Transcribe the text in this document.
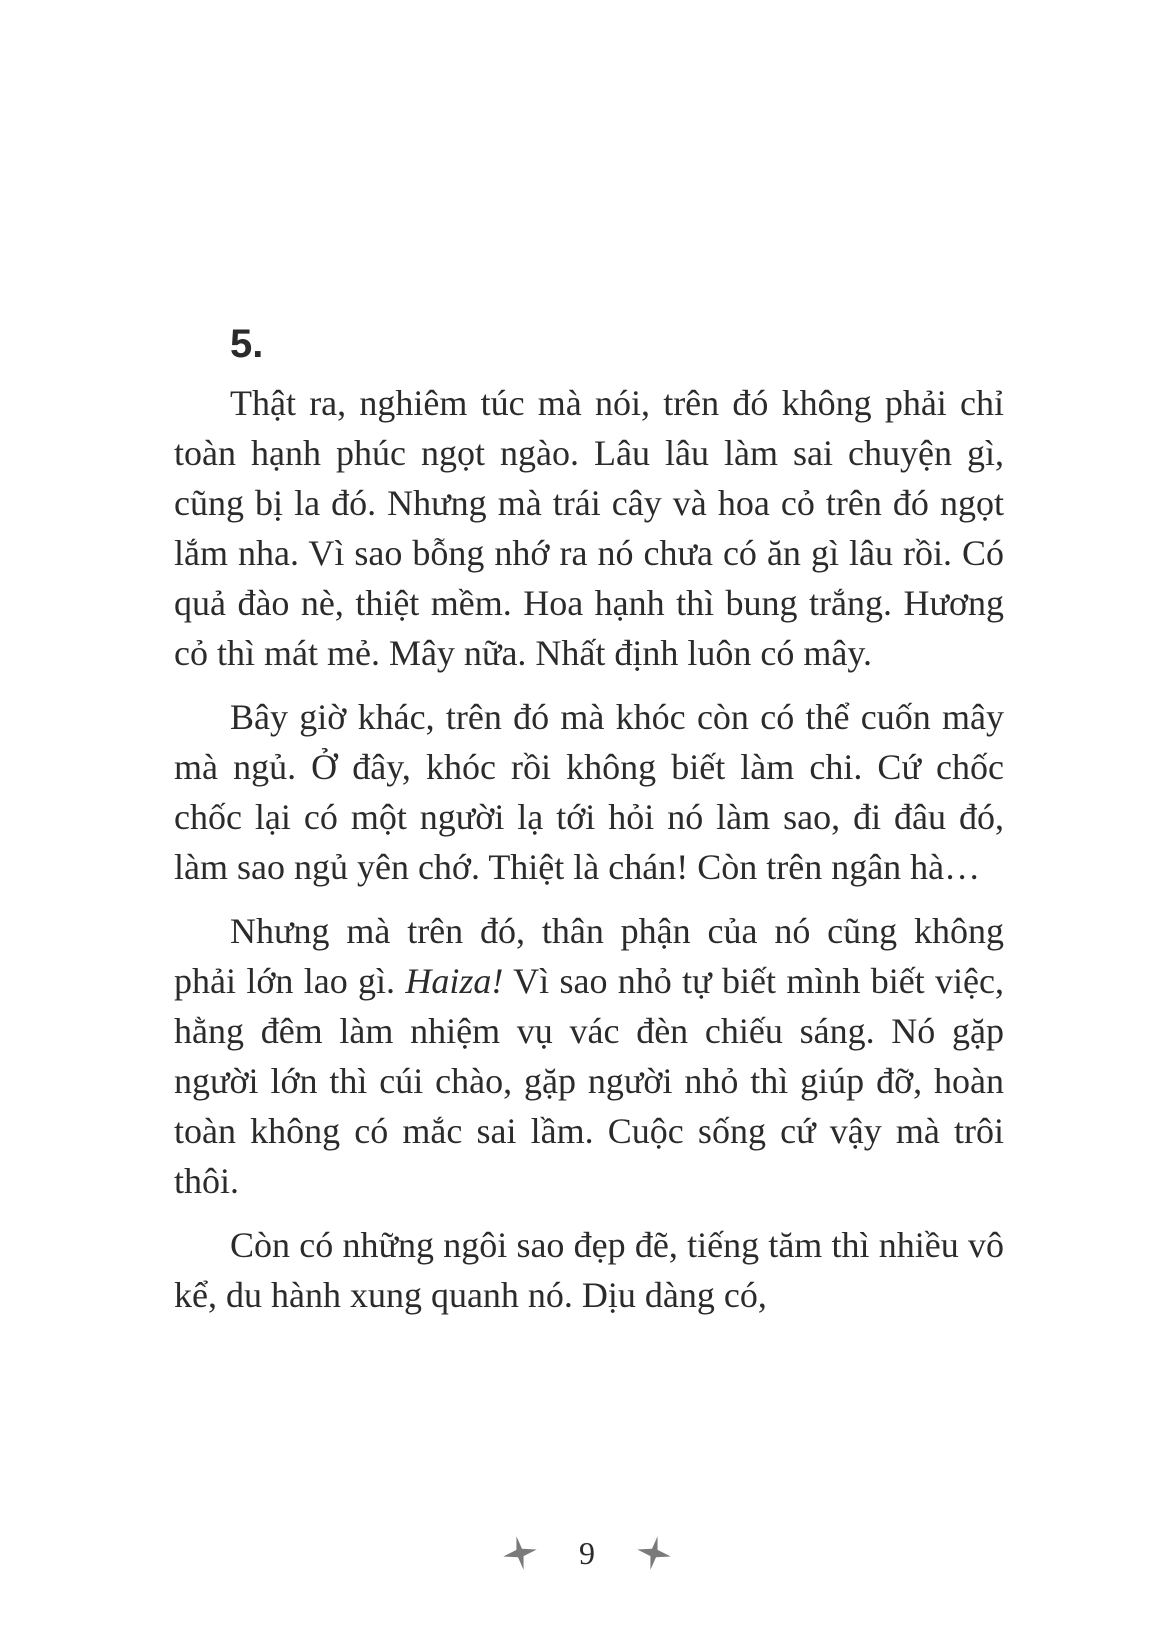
5.

Thật ra, nghiêm túc mà nói, trên đó không phải chỉ toàn hạnh phúc ngọt ngào. Lâu lâu làm sai chuyện gì, cũng bị la đó. Nhưng mà trái cây và hoa cỏ trên đó ngọt lắm nha. Vì sao bỗng nhớ ra nó chưa có ăn gì lâu rồi. Có quả đào nè, thiệt mềm. Hoa hạnh thì bung trắng. Hương cỏ thì mát mẻ. Mây nữa. Nhất định luôn có mây.

Bây giờ khác, trên đó mà khóc còn có thể cuốn mây mà ngủ. Ở đây, khóc rồi không biết làm chi. Cứ chốc chốc lại có một người lạ tới hỏi nó làm sao, đi đâu đó, làm sao ngủ yên chớ. Thiệt là chán! Còn trên ngân hà…

Nhưng mà trên đó, thân phận của nó cũng không phải lớn lao gì. Haiza! Vì sao nhỏ tự biết mình biết việc, hằng đêm làm nhiệm vụ vác đèn chiếu sáng. Nó gặp người lớn thì cúi chào, gặp người nhỏ thì giúp đỡ, hoàn toàn không có mắc sai lầm. Cuộc sống cứ vậy mà trôi thôi.

Còn có những ngôi sao đẹp đẽ, tiếng tăm thì nhiều vô kể, du hành xung quanh nó. Dịu dàng có,

9
